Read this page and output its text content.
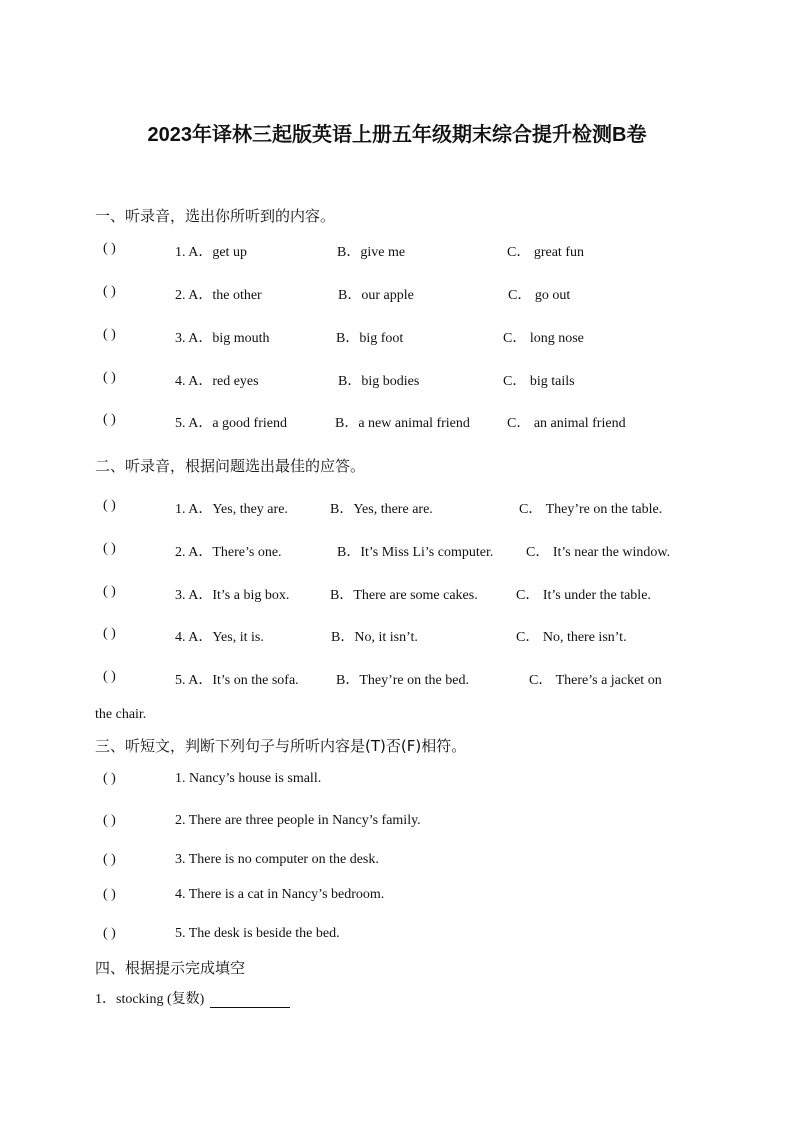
2023年译林三起版英语上册五年级期末综合提升检测B卷
一、听录音，选出你所听到的内容。
( )	1. A．get up	B．give me	C． great fun
( )	2. A．the other	B．our apple	C． go out
( )	3. A．big mouth	B．big foot	C． long nose
( )	4. A．red eyes	B．big bodies	C． big tails
( )	5. A．a good friend	B．a new animal friend	C． an animal friend
二、听录音，根据问题选出最佳的应答。
( )	1. A．Yes, they are.	B．Yes, there are.	C． They’re on the table.
( )	2. A．There’s one.	B．It’s Miss Li’s computer. C． It’s near the window.
( )	3. A．It’s a big box.	B．There are some cakes.	C． It’s under the table.
( )	4. A．Yes, it is.	B．No, it isn’t.	C． No, there isn’t.
( )	5. A．It’s on the sofa.	B．They’re on the bed.	C． There’s a jacket on
the chair.
三、听短文，判断下列句子与所听内容是(T)否(F)相符。
( )	1. Nancy’s house is small.
( )	2. There are three people in Nancy’s family.
( )	3. There is no computer on the desk.
( )	4. There is a cat in Nancy’s bedroom.
( )	5. The desk is beside the bed.
四、根据提示完成填空
1．stocking (复数)
